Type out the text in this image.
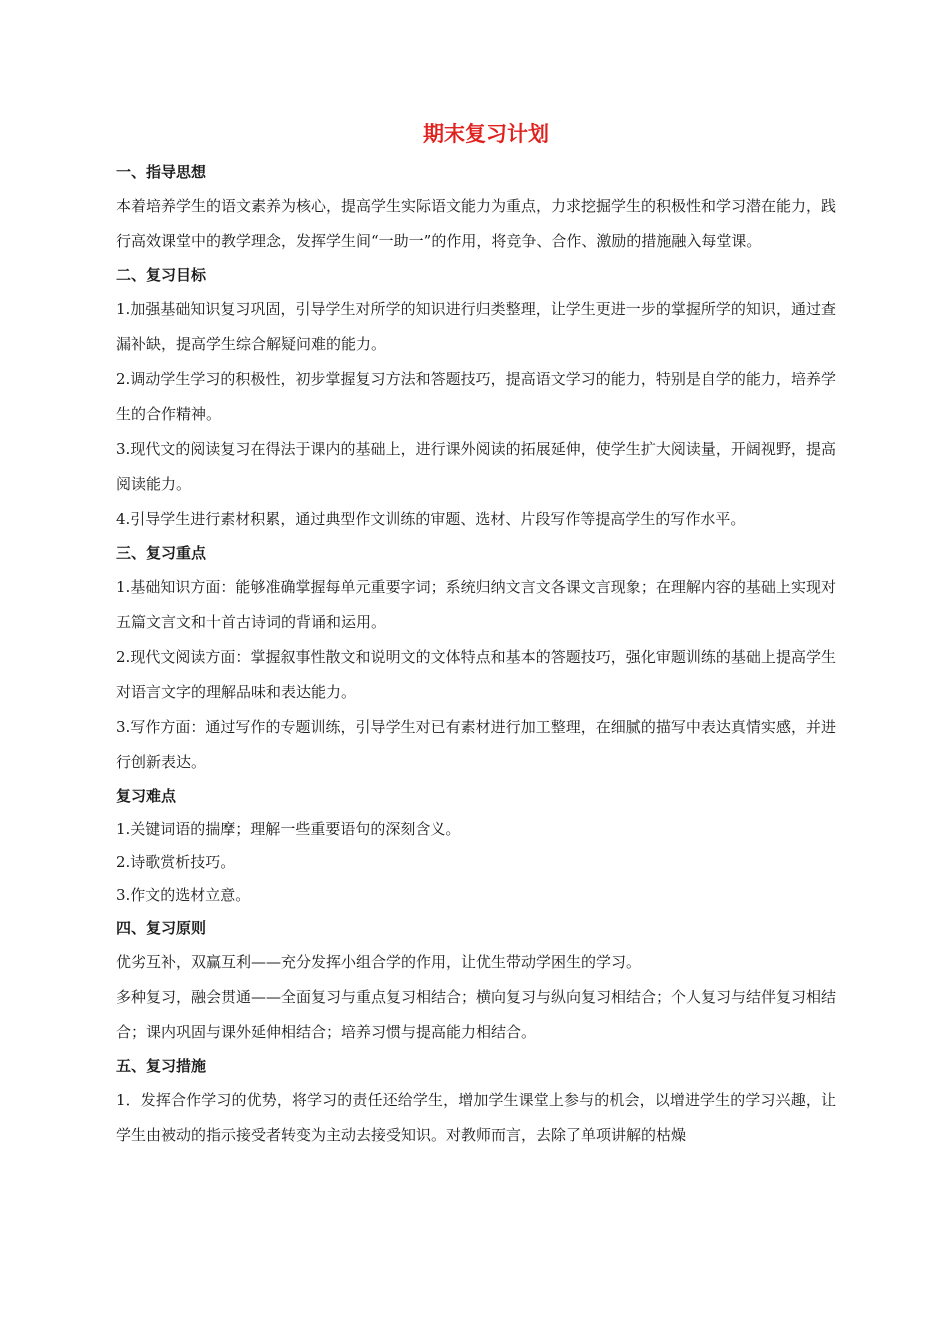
期末复习计划
一、指导思想

本着培养学生的语文素养为核心，提高学生实际语文能力为重点，力求挖掘学生的积极性和学习潜在能力，践行高效课堂中的教学理念，发挥学生间“一助一”的作用，将竞争、合作、激励的措施融入每堂课。

二、复习目标

1.加强基础知识复习巩固，引导学生对所学的知识进行归类整理，让学生更进一步的掌握所学的知识，通过查漏补缺，提高学生综合解疑问难的能力。

2.调动学生学习的积极性，初步掌握复习方法和答题技巧，提高语文学习的能力，特别是自学的能力，培养学生的合作精神。

3.现代文的阅读复习在得法于课内的基础上，进行课外阅读的拓展延伸，使学生扩大阅读量，开阔视野，提高阅读能力。

4.引导学生进行素材积累，通过典型作文训练的审题、选材、片段写作等提高学生的写作水平。

三、复习重点

1.基础知识方面：能够准确掌握每单元重要字词；系统归纳文言文各课文言现象；在理解内容的基础上实现对五篇文言文和十首古诗词的背诵和运用。

2.现代文阅读方面：掌握叙事性散文和说明文的文体特点和基本的答题技巧，强化审题训练的基础上提高学生对语言文字的理解品味和表达能力。

3.写作方面：通过写作的专题训练，引导学生对已有素材进行加工整理，在细腻的描写中表达真情实感，并进行创新表达。

复习难点

1.关键词语的揣摩；理解一些重要语句的深刻含义。

2.诗歌赏析技巧。

3.作文的选材立意。

四、复习原则

优劣互补，双赢互利——充分发挥小组合学的作用，让优生带动学困生的学习。

多种复习，融会贯通——全面复习与重点复习相结合；横向复习与纵向复习相结合；个人复习与结伴复习相结合；课内巩固与课外延伸相结合；培养习惯与提高能力相结合。

五、复习措施

1．发挥合作学习的优势，将学习的责任还给学生，增加学生课堂上参与的机会，以增进学生的学习兴趣，让学生由被动的指示接受者转变为主动去接受知识。对教师而言，去除了单项讲解的枯燥
